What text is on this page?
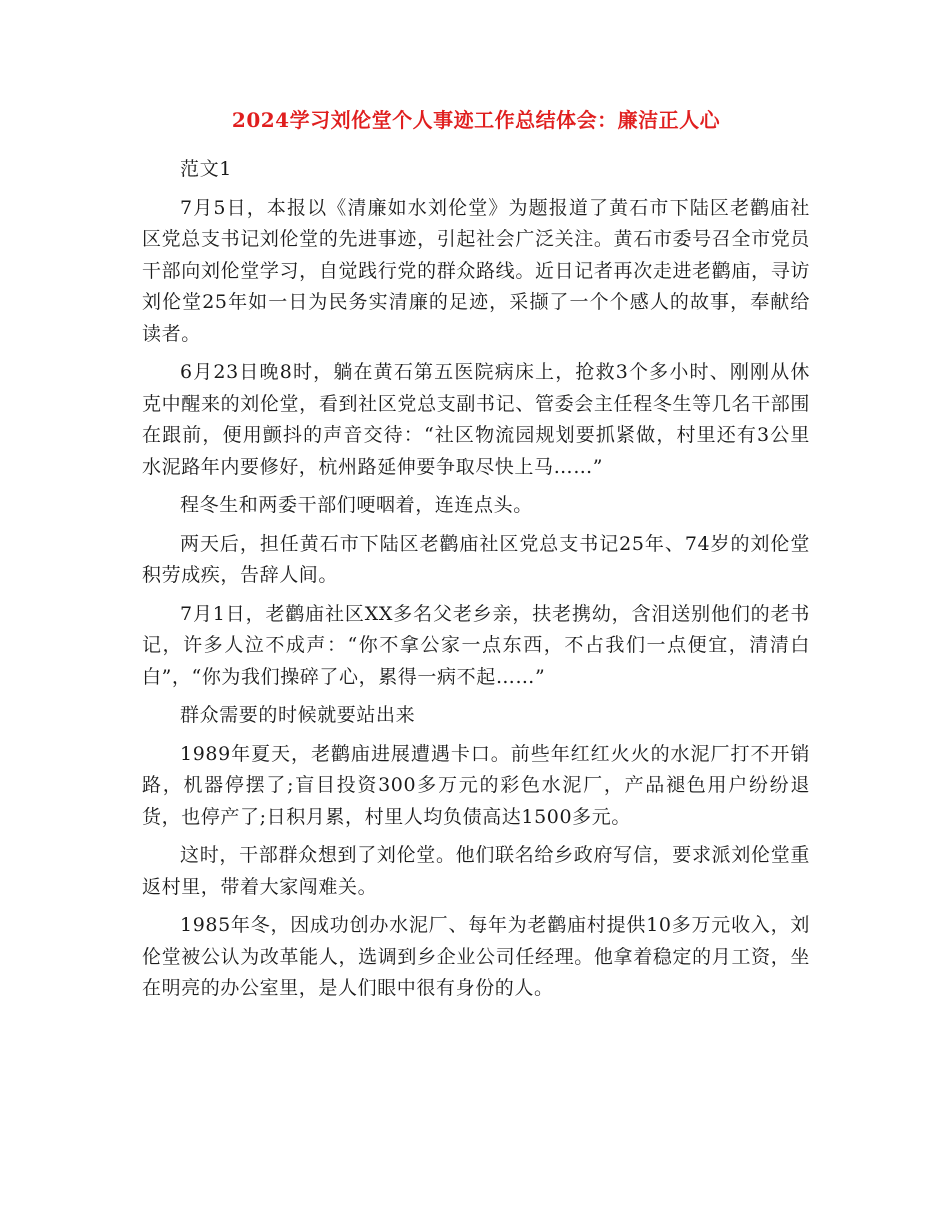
2024学习刘伦堂个人事迹工作总结体会：廉洁正人心

范文1

7月5日，本报以《清廉如水刘伦堂》为题报道了黄石市下陆区老鹳庙社区党总支书记刘伦堂的先进事迹，引起社会广泛关注。黄石市委号召全市党员干部向刘伦堂学习，自觉践行党的群众路线。近日记者再次走进老鹳庙，寻访刘伦堂25年如一日为民务实清廉的足迹，采撷了一个个感人的故事，奉献给读者。

6月23日晚8时，躺在黄石第五医院病床上，抢救3个多小时、刚刚从休克中醒来的刘伦堂，看到社区党总支副书记、管委会主任程冬生等几名干部围在跟前，便用颤抖的声音交待：“社区物流园规划要抓紧做，村里还有3公里水泥路年内要修好，杭州路延伸要争取尽快上马……”

程冬生和两委干部们哽咽着，连连点头。

两天后，担任黄石市下陆区老鹳庙社区党总支书记25年、74岁的刘伦堂积劳成疾，告辞人间。

7月1日，老鹳庙社区XX多名父老乡亲，扶老携幼，含泪送别他们的老书记，许多人泣不成声：“你不拿公家一点东西，不占我们一点便宜，清清白白”，“你为我们操碎了心，累得一病不起……”

群众需要的时候就要站出来

1989年夏天，老鹳庙进展遭遇卡口。前些年红红火火的水泥厂打不开销路，机器停摆了;盲目投资300多万元的彩色水泥厂，产品褪色用户纷纷退货，也停产了;日积月累，村里人均负债高达1500多元。

这时，干部群众想到了刘伦堂。他们联名给乡政府写信，要求派刘伦堂重返村里，带着大家闯难关。

1985年冬，因成功创办水泥厂、每年为老鹳庙村提供10多万元收入，刘伦堂被公认为改革能人，选调到乡企业公司任经理。他拿着稳定的月工资，坐在明亮的办公室里，是人们眼中很有身份的人。
